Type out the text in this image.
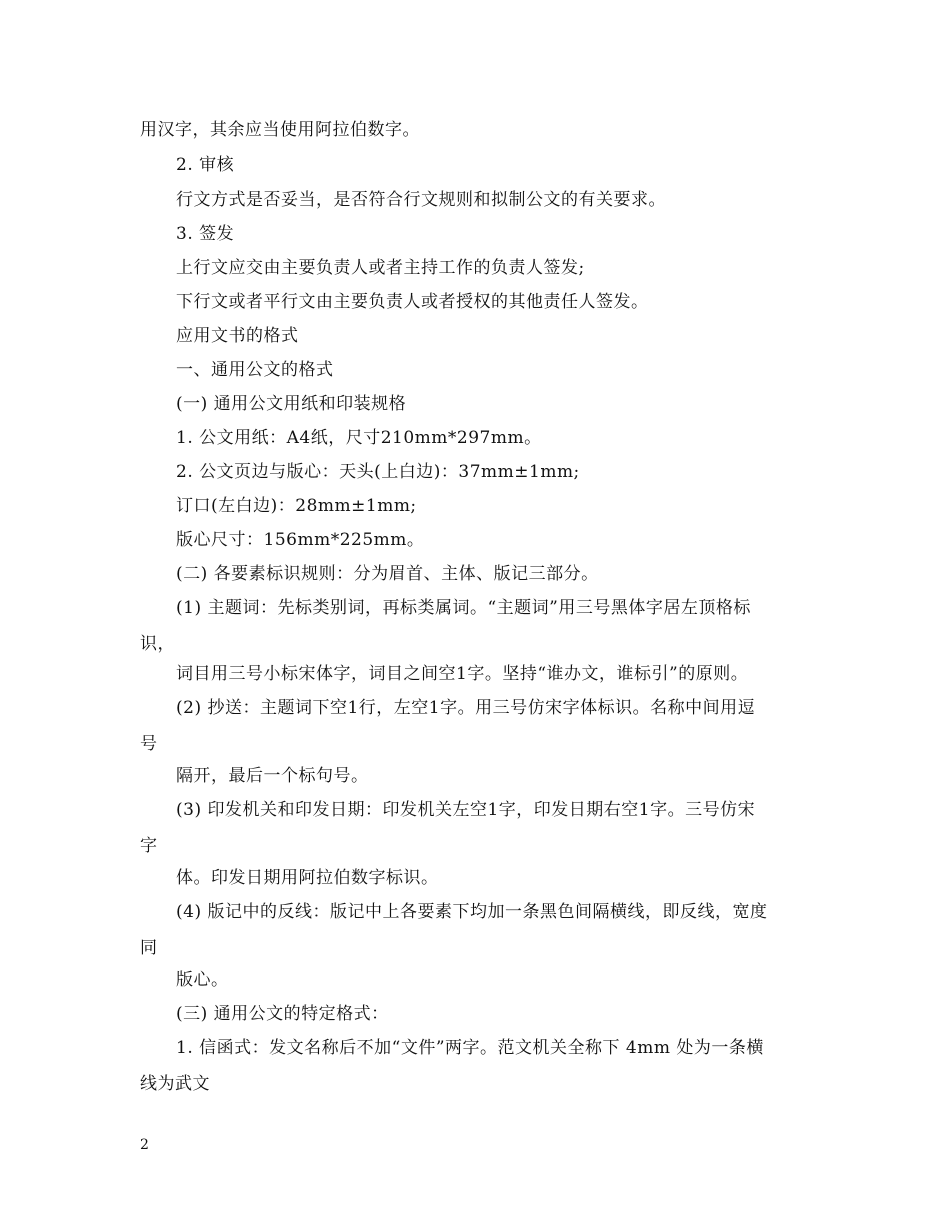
用汉字，其余应当使用阿拉伯数字。
2. 审核
行文方式是否妥当，是否符合行文规则和拟制公文的有关要求。
3. 签发
上行文应交由主要负责人或者主持工作的负责人签发;
下行文或者平行文由主要负责人或者授权的其他责任人签发。
应用文书的格式
一、通用公文的格式
(一) 通用公文用纸和印装规格
1. 公文用纸：A4纸，尺寸210mm*297mm。
2. 公文页边与版心：天头(上白边)：37mm±1mm;
订口(左白边)：28mm±1mm;
版心尺寸：156mm*225mm。
(二) 各要素标识规则：分为眉首、主体、版记三部分。
(1) 主题词：先标类别词，再标类属词。“主题词”用三号黑体字居左顶格标
识，
词目用三号小标宋体字，词目之间空1字。坚持“谁办文，谁标引”的原则。
(2) 抄送：主题词下空1行，左空1字。用三号仿宋字体标识。名称中间用逗
号
隔开，最后一个标句号。
(3) 印发机关和印发日期：印发机关左空1字，印发日期右空1字。三号仿宋
字
体。印发日期用阿拉伯数字标识。
(4) 版记中的反线：版记中上各要素下均加一条黑色间隔横线，即反线，宽度
同
版心。
(三) 通用公文的特定格式：
1. 信函式：发文名称后不加“文件”两字。范文机关全称下 4mm 处为一条横
线为武文
2
